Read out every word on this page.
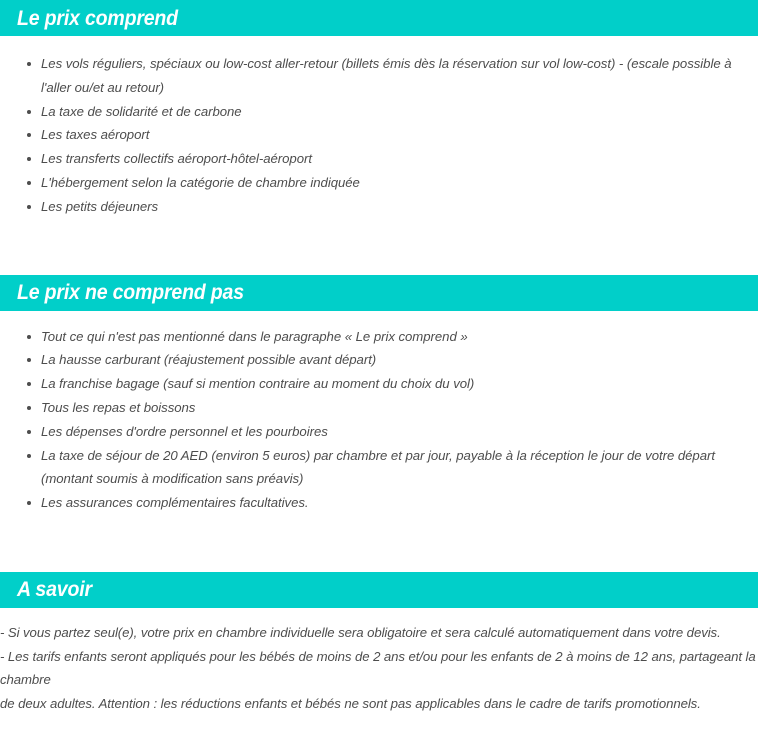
Le prix comprend
Les vols réguliers, spéciaux ou low-cost aller-retour (billets émis dès la réservation sur vol low-cost) - (escale possible à l'aller ou/et au retour)
La taxe de solidarité et de carbone
Les taxes aéroport
Les transferts collectifs aéroport-hôtel-aéroport
L'hébergement selon la catégorie de chambre indiquée
Les petits déjeuners
Le prix ne comprend pas
Tout ce qui n'est pas mentionné dans le paragraphe « Le prix comprend »
La hausse carburant (réajustement possible avant départ)
La franchise bagage (sauf si mention contraire au moment du choix du vol)
Tous les repas et boissons
Les dépenses d'ordre personnel et les pourboires
La taxe de séjour de 20 AED (environ 5 euros) par chambre et par jour, payable à la réception le jour de votre départ (montant soumis à modification sans préavis)
Les assurances complémentaires facultatives.
A savoir

- Si vous partez seul(e), votre prix en chambre individuelle sera obligatoire et sera calculé automatiquement dans votre devis.

- Les tarifs enfants seront appliqués pour les bébés de moins de 2 ans et/ou pour les enfants de 2 à moins de 12 ans, partageant la chambre

de deux adultes. Attention : les réductions enfants et bébés ne sont pas applicables dans le cadre de tarifs promotionnels.
